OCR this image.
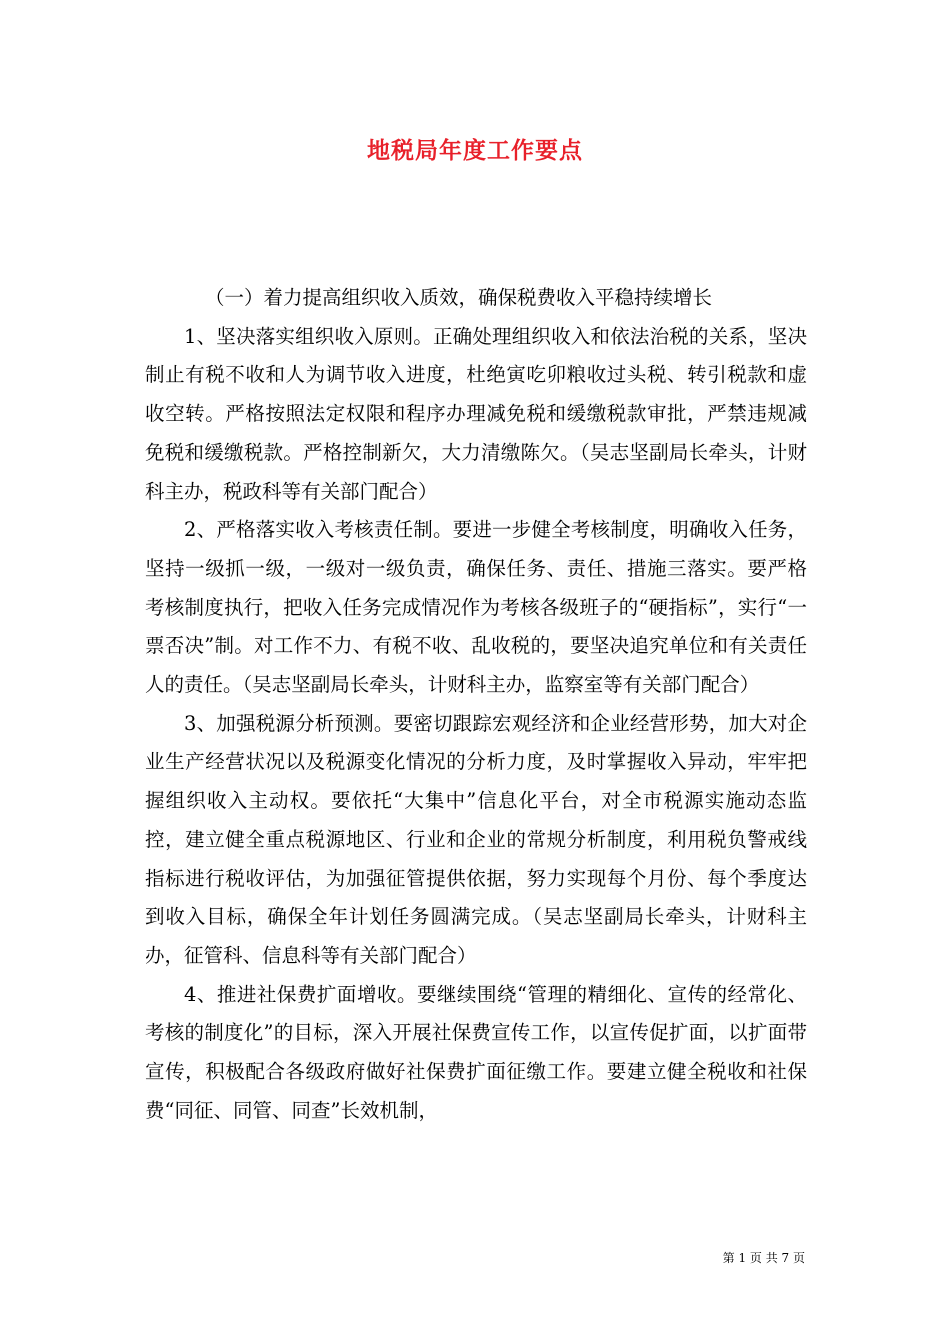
地税局年度工作要点

（一）着力提高组织收入质效，确保税费收入平稳持续增长

1、坚决落实组织收入原则。正确处理组织收入和依法治税的关系，坚决制止有税不收和人为调节收入进度，杜绝寅吃卯粮收过头税、转引税款和虚收空转。严格按照法定权限和程序办理减免税和缓缴税款审批，严禁违规减免税和缓缴税款。严格控制新欠，大力清缴陈欠。（吴志坚副局长牵头，计财科主办，税政科等有关部门配合）

2、严格落实收入考核责任制。要进一步健全考核制度，明确收入任务，坚持一级抓一级，一级对一级负责，确保任务、责任、措施三落实。要严格考核制度执行，把收入任务完成情况作为考核各级班子的“硬指标”，实行“一票否决”制。对工作不力、有税不收、乱收税的，要坚决追究单位和有关责任人的责任。（吴志坚副局长牵头，计财科主办，监察室等有关部门配合）

3、加强税源分析预测。要密切跟踪宏观经济和企业经营形势，加大对企业生产经营状况以及税源变化情况的分析力度，及时掌握收入异动，牢牢把握组织收入主动权。要依托“大集中”信息化平台，对全市税源实施动态监控，建立健全重点税源地区、行业和企业的常规分析制度，利用税负警戒线指标进行税收评估，为加强征管提供依据，努力实现每个月份、每个季度达到收入目标，确保全年计划任务圆满完成。（吴志坚副局长牵头，计财科主办，征管科、信息科等有关部门配合）

4、推进社保费扩面增收。要继续围绕“管理的精细化、宣传的经常化、考核的制度化”的目标，深入开展社保费宣传工作，以宣传促扩面，以扩面带宣传，积极配合各级政府做好社保费扩面征缴工作。要建立健全税收和社保费“同征、同管、同查”长效机制，

第 1 页 共 7 页
